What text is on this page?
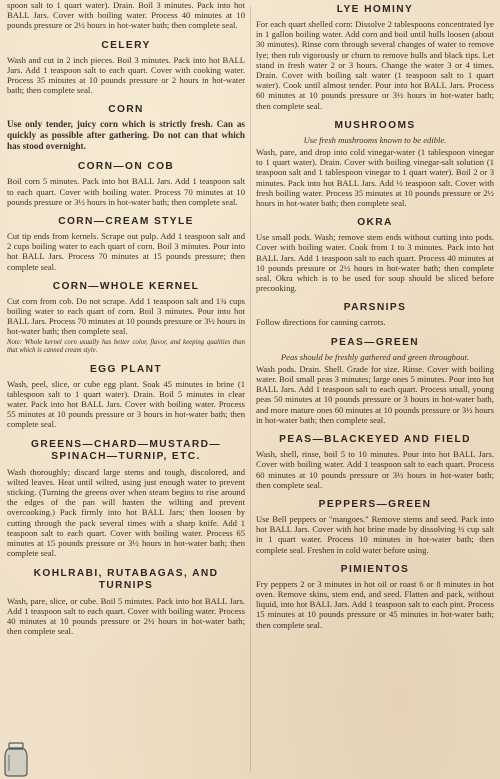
spoon salt to 1 quart water). Drain. Boil 3 minutes. Pack into hot BALL Jars. Cover with boiling water. Process 40 minutes at 10 pounds pressure or 2½ hours in hot-water bath; then complete seal.

CELERY

Wash and cut in 2 inch pieces. Boil 3 minutes. Pack into hot BALL Jars. Add 1 teaspoon salt to each quart. Cover with cooking water. Process 35 minutes at 10 pounds pressure or 2 hours in hot-water bath; then complete seal.

CORN

Use only tender, juicy corn which is strictly fresh. Can as quickly as possible after gathering. Do not can that which has stood overnight.

CORN—ON COB

Boil corn 5 minutes. Pack into hot BALL Jars. Add 1 teaspoon salt to each quart. Cover with boiling water. Process 70 minutes at 10 pounds pressure or 3½ hours in hot-water bath; then complete seal.

CORN—CREAM STYLE

Cut tip ends from kernels. Scrape out pulp. Add 1 teaspoon salt and 2 cups boiling water to each quart of corn. Boil 3 minutes. Pour into hot BALL Jars. Process 70 minutes at 15 pounds pressure; then complete seal.

CORN—WHOLE KERNEL

Cut corn from cob. Do not scrape. Add 1 teaspoon salt and 1¾ cups boiling water to each quart of corn. Boil 3 minutes. Pour into hot BALL Jars. Process 70 minutes at 10 pounds pressure or 3½ hours in hot-water bath; then complete seal.

Note: Whole kernel corn usually has better color, flavor, and keeping qualities than that which is canned cream style.

EGG PLANT

Wash, peel, slice, or cube egg plant. Soak 45 minutes in brine (1 tablespoon salt to 1 quart water). Drain. Boil 5 minutes in clear water. Pack into hot BALL Jars. Cover with boiling water. Process 55 minutes at 10 pounds pressure or 3 hours in hot-water bath; then complete seal.

GREENS—CHARD—MUSTARD—SPINACH—TURNIP, ETC.

Wash thoroughly; discard large stems and tough, discolored, and wilted leaves. Heat until wilted, using just enough water to prevent sticking. (Turning the greens over when steam begins to rise around the edges of the pan will hasten the wilting and prevent overcooking.) Pack firmly into hot BALL Jars; then loosen by cutting through the pack several times with a sharp knife. Add 1 teaspoon salt to each quart. Cover with boiling water. Process 65 minutes at 15 pounds pressure or 3½ hours in hot-water bath; then complete seal.

KOHLRABI, RUTABAGAS, AND TURNIPS

Wash, pare, slice, or cube. Boil 5 minutes. Pack into hot BALL Jars. Add 1 teaspoon salt to each quart. Cover with boiling water. Process 40 minutes at 10 pounds pressure or 2½ hours in hot-water bath; then complete seal.

LYE HOMINY

For each quart shelled corn: Dissolve 2 tablespoons concentrated lye in 1 gallon boiling water. Add corn and boil until hulls loosen (about 30 minutes). Rinse corn through several changes of water to remove lye; then rub vigorously or churn to remove hulls and black tips. Let stand in fresh water 2 or 3 hours. Change the water 3 or 4 times. Drain. Cover with boiling salt water (1 teaspoon salt to 1 quart water). Cook until almost tender. Pour into hot BALL Jars. Process 60 minutes at 10 pounds pressure or 3½ hours in hot-water bath; then complete seal.

MUSHROOMS

Use fresh mushrooms known to be edible.

Wash, pare, and drop into cold vinegar-water (1 tablespoon vinegar to 1 quart water). Drain. Cover with boiling vinegar-salt solution (1 teaspoon salt and 1 tablespoon vinegar to 1 quart water). Boil 2 or 3 minutes. Pack into hot BALL Jars. Add ½ teaspoon salt. Cover with fresh boiling water. Process 35 minutes at 10 pounds pressure or 2½ hours in hot-water bath; then complete seal.

OKRA

Use small pods. Wash; remove stem ends without cutting into pods. Cover with boiling water. Cook from 1 to 3 minutes. Pack into hot BALL Jars. Add 1 teaspoon salt to each quart. Process 40 minutes at 10 pounds pressure or 2½ hours in hot-water bath; then complete seal. Okra which is to be used for soup should be sliced before precooking.

PARSNIPS

Follow directions for canning carrots.

PEAS—GREEN

Peas should be freshly gathered and green throughout.

Wash pods. Drain. Shell. Grade for size. Rinse. Cover with boiling water. Boil small peas 3 minutes; large ones 5 minutes. Pour into hot BALL Jars. Add 1 teaspoon salt to each quart. Process small, young peas 50 minutes at 10 pounds pressure or 3 hours in hot-water bath, and more mature ones 60 minutes at 10 pounds pressure or 3½ hours in hot-water bath; then complete seal.

PEAS—BLACKEYED AND FIELD

Wash, shell, rinse, boil 5 to 10 minutes. Pour into hot BALL Jars. Cover with boiling water. Add 1 teaspoon salt to each quart. Process 60 minutes at 10 pounds pressure or 3½ hours in hot-water bath; then complete seal.

PEPPERS—GREEN

Use Bell peppers or "mangoes." Remove stems and seed. Pack into hot BALL Jars. Cover with hot brine made by dissolving ½ cup salt in 1 quart water. Process 10 minutes in hot-water bath; then complete seal. Freshen in cold water before using.

PIMIENTOS

Fry peppers 2 or 3 minutes in hot oil or roast 6 or 8 minutes in hot oven. Remove skins, stem end, and seed. Flatten and pack, without liquid, into hot BALL Jars. Add 1 teaspoon salt to each pint. Process 15 minutes at 10 pounds pressure or 45 minutes in hot-water bath; then complete seal.
